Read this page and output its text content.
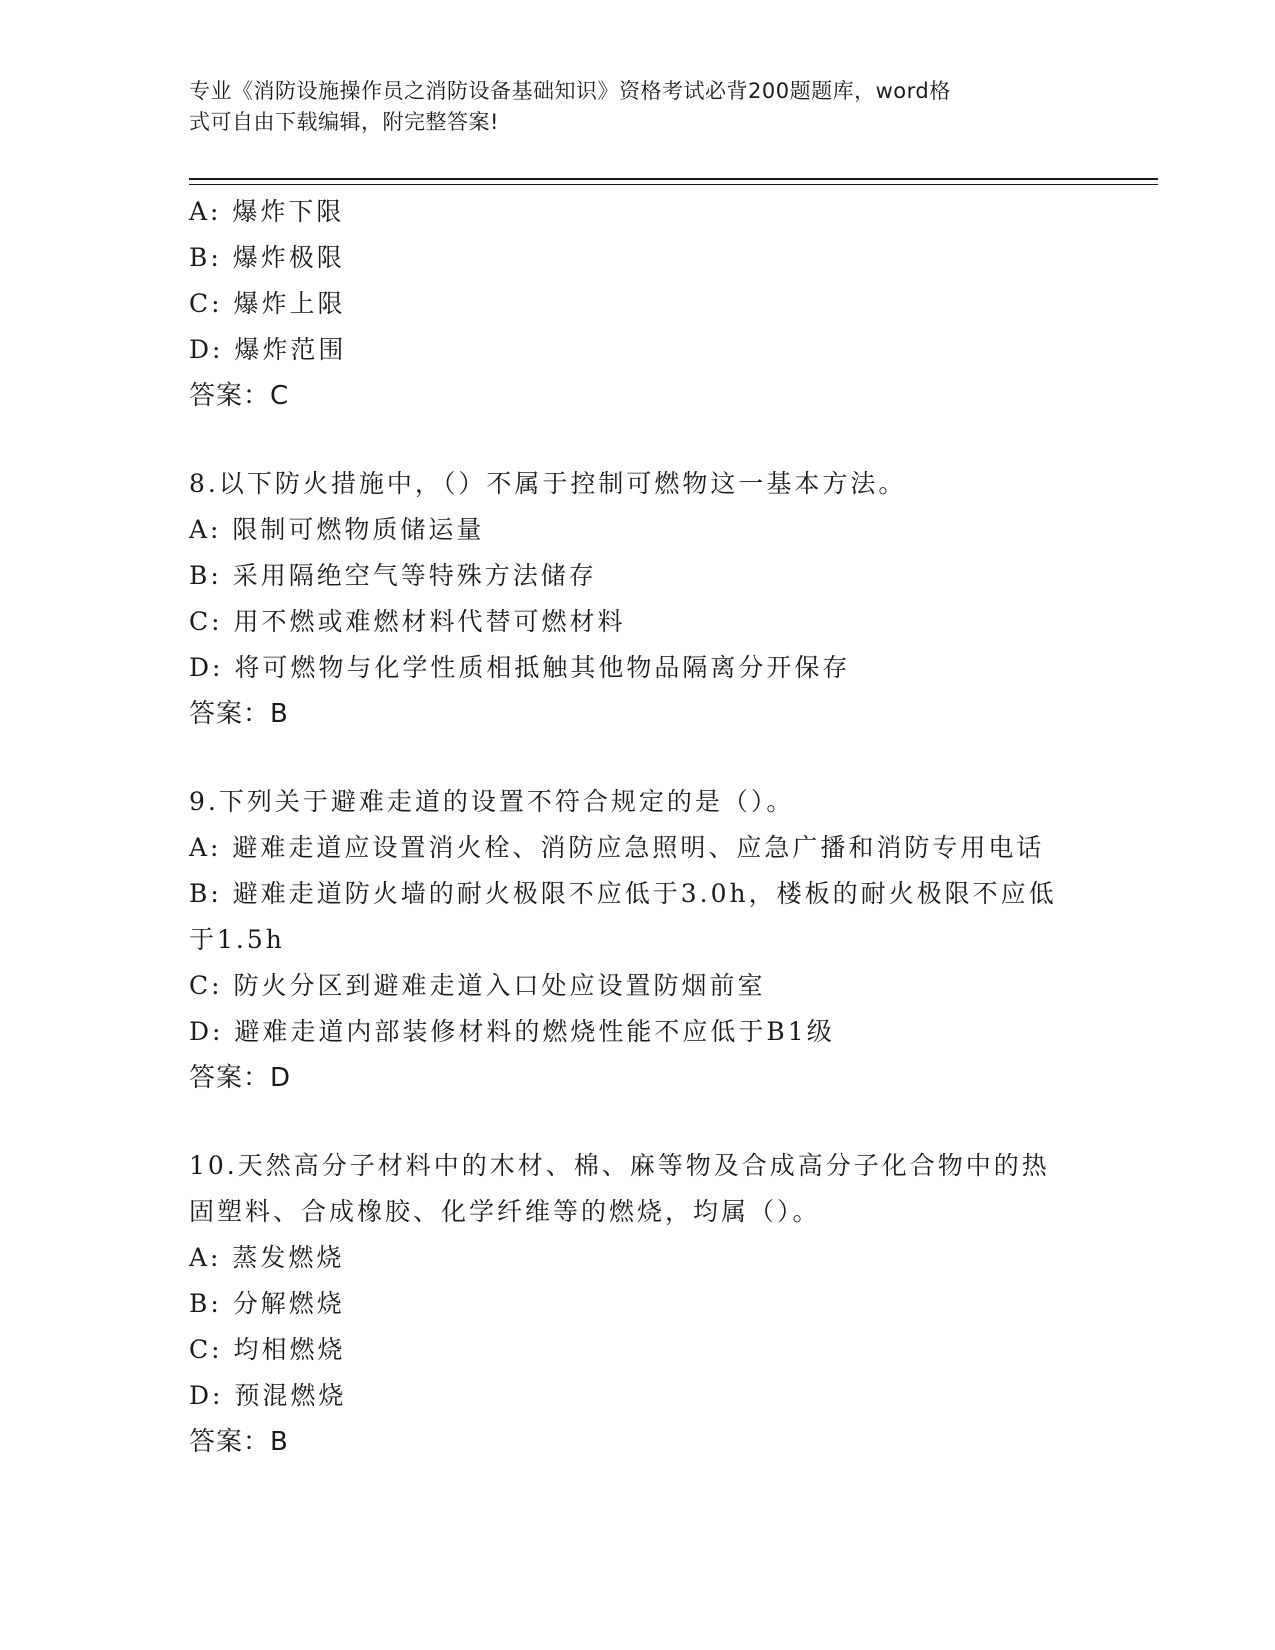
专业《消防设施操作员之消防设备基础知识》资格考试必背200题题库，word格
式可自由下载编辑，附完整答案!
A: 爆炸下限
B: 爆炸极限
C: 爆炸上限
D: 爆炸范围
答案：C
8.以下防火措施中，（）不属于控制可燃物这一基本方法。
A: 限制可燃物质储运量
B: 采用隔绝空气等特殊方法储存
C: 用不燃或难燃材料代替可燃材料
D: 将可燃物与化学性质相抵触其他物品隔离分开保存
答案：B
9.下列关于避难走道的设置不符合规定的是（）。
A: 避难走道应设置消火栓、消防应急照明、应急广播和消防专用电话
B: 避难走道防火墙的耐火极限不应低于3.0h，楼板的耐火极限不应低
于1.5h
C: 防火分区到避难走道入口处应设置防烟前室
D: 避难走道内部装修材料的燃烧性能不应低于B1级
答案：D
10.天然高分子材料中的木材、棉、麻等物及合成高分子化合物中的热
固塑料、合成橡胶、化学纤维等的燃烧，均属（）。
A: 蒸发燃烧
B: 分解燃烧
C: 均相燃烧
D: 预混燃烧
答案：B
